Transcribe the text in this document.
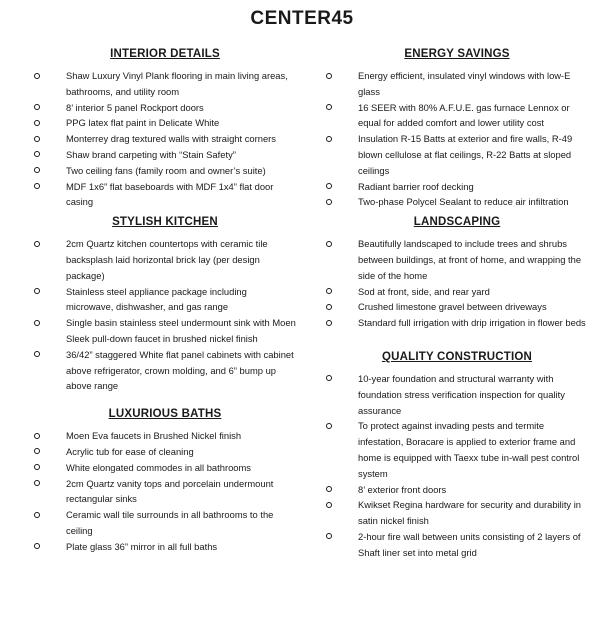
CENTER45
INTERIOR DETAILS
Shaw Luxury Vinyl Plank flooring in main living areas, bathrooms, and utility room
8’ interior 5 panel Rockport doors
PPG latex flat paint in Delicate White
Monterrey drag textured walls with straight corners
Shaw brand carpeting with “Stain Safety”
Two ceiling fans (family room and owner’s suite)
MDF 1x6” flat baseboards with MDF 1x4” flat door casing
STYLISH KITCHEN
2cm Quartz kitchen countertops with ceramic tile backsplash laid horizontal brick lay (per design package)
Stainless steel appliance package including microwave, dishwasher, and gas range
Single basin stainless steel undermount sink with Moen Sleek pull-down faucet in brushed nickel finish
36/42” staggered White flat panel cabinets with cabinet above refrigerator, crown molding, and 6” bump up above range
LUXURIOUS BATHS
Moen Eva faucets in Brushed Nickel finish
Acrylic tub for ease of cleaning
White elongated commodes in all bathrooms
2cm Quartz vanity tops and porcelain undermount rectangular sinks
Ceramic wall tile surrounds in all bathrooms to the ceiling
Plate glass 36” mirror in all full baths
ENERGY SAVINGS
Energy efficient, insulated vinyl windows with low-E glass
16 SEER with 80% A.F.U.E. gas furnace Lennox or equal for added comfort and lower utility cost
Insulation R-15 Batts at exterior and fire walls, R-49 blown cellulose at flat ceilings, R-22 Batts at sloped ceilings
Radiant barrier roof decking
Two-phase Polycel Sealant to reduce air infiltration
LANDSCAPING
Beautifully landscaped to include trees and shrubs between buildings, at front of home, and wrapping the side of the home
Sod at front, side, and rear yard
Crushed limestone gravel between driveways
Standard full irrigation with drip irrigation in flower beds
QUALITY CONSTRUCTION
10-year foundation and structural warranty with foundation stress verification inspection for quality assurance
To protect against invading pests and termite infestation, Boracare is applied to exterior frame and home is equipped with Taexx tube in-wall pest control system
8’ exterior front doors
Kwikset Regina hardware for security and durability in satin nickel finish
2-hour fire wall between units consisting of 2 layers of Shaft liner set into metal grid
